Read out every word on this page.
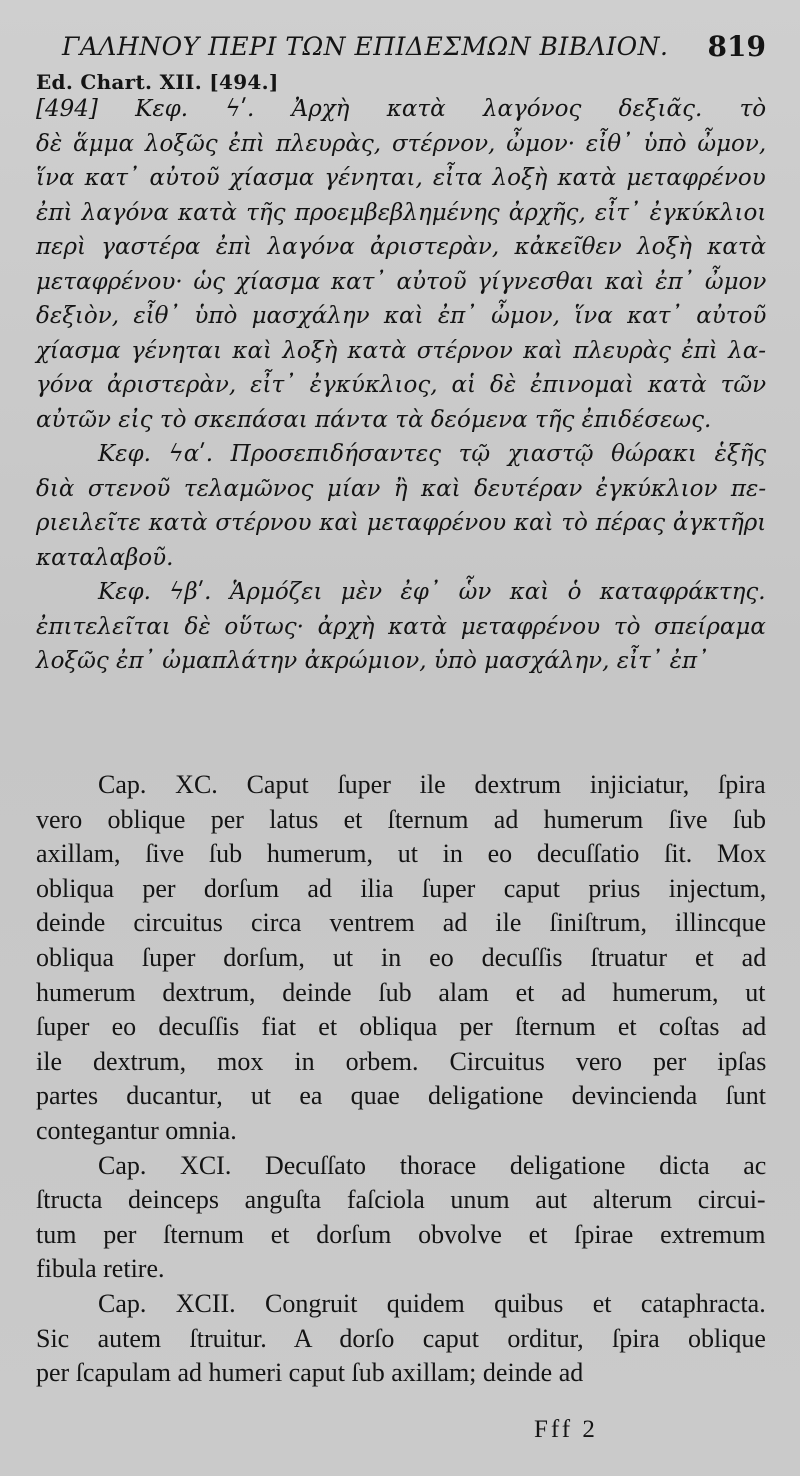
ΓΑΛΗΝΟΥ ΠΕΡΙ ΤΩΝ ΕΠΙΔΕΣΜΩΝ ΒΙΒΛΙΟΝ. 819
Ed. Chart. XII. [494.]

[494] Κεφ. ϟʹ. Ἀρχὴ κατὰ λαγόνος δεξιᾶς. τὸ
δὲ ἅμμα λοξῶς ἐπὶ πλευρὰς, στέρνον, ὦμον· εἶθ᾽ ὑπὸ ὦμον,
ἵνα κατ᾽ αὐτοῦ χίασμα γένηται, εἶτα λοξὴ κατὰ μεταφρένου
ἐπὶ λαγόνα κατὰ τῆς προεμβεβλημένης ἀρχῆς, εἶτ᾽ ἐγκύκλιοι
περὶ γαστέρα ἐπὶ λαγόνα ἀριστερὰν, κἀκεῖθεν λοξὴ κατὰ
μεταφρένου· ὡς χίασμα κατ᾽ αὐτοῦ γίγνεσθαι καὶ ἐπ᾽ ὦμον
δεξιὸν, εἶθ᾽ ὑπὸ μασχάλην καὶ ἐπ᾽ ὦμον, ἵνα κατ᾽ αὐτοῦ
χίασμα γένηται καὶ λοξὴ κατὰ στέρνον καὶ πλευρὰς ἐπὶ λα-
γόνα ἀριστερὰν, εἶτ᾽ ἐγκύκλιος, αἱ δὲ ἐπινομαὶ κατὰ τῶν
αὐτῶν εἰς τὸ σκεπάσαι πάντα τὰ δεόμενα τῆς ἐπιδέσεως.

Κεφ. ϟαʹ. Προσεπιδήσαντες τῷ χιαστῷ θώρακι ἑξῆς
διὰ στενοῦ τελαμῶνος μίαν ἢ καὶ δευτέραν ἐγκύκλιον πε-
ριειλεῖτε κατὰ στέρνου καὶ μεταφρένου καὶ τὸ πέρας ἀγκτῆρι
καταλαβοῦ.

Κεφ. ϟβʹ. Ἁρμόζει μὲν ἐφ᾽ ὧν καὶ ὁ καταφράκτης.
ἐπιτελεῖται δὲ οὕτως· ἀρχὴ κατὰ μεταφρένου τὸ σπείραμα
λοξῶς ἐπ᾽ ὠμαπλάτην ἀκρώμιον, ὑπὸ μασχάλην, εἶτ᾽ ἐπ᾽

Cap. XC. Caput ſuper ile dextrum injiciatur, ſpira
vero oblique per latus et ſternum ad humerum ſive ſub
axillam, ſive ſub humerum, ut in eo decuſſatio ſit. Mox
obliqua per dorſum ad ilia ſuper caput prius injectum,
deinde circuitus circa ventrem ad ile ſiniſtrum, illincque
obliqua ſuper dorſum, ut in eo decuſſis ſtruatur et ad
humerum dextrum, deinde ſub alam et ad humerum, ut
ſuper eo decuſſis fiat et obliqua per ſternum et coſtas ad
ile dextrum, mox in orbem. Circuitus vero per ipſas
partes ducantur, ut ea quae deligatione devincienda ſunt
contegantur omnia.

Cap. XCI. Decuſſato thorace deligatione dicta ac
ſtructa deinceps anguſta faſciola unum aut alterum circui-
tum per ſternum et dorſum obvolve et ſpirae extremum
fibula retire.

Cap. XCII. Congruit quidem quibus et cataphracta.
Sic autem ſtruitur. A dorſo caput orditur, ſpira oblique
per ſcapulam ad humeri caput ſub axillam; deinde ad

Fff 2
